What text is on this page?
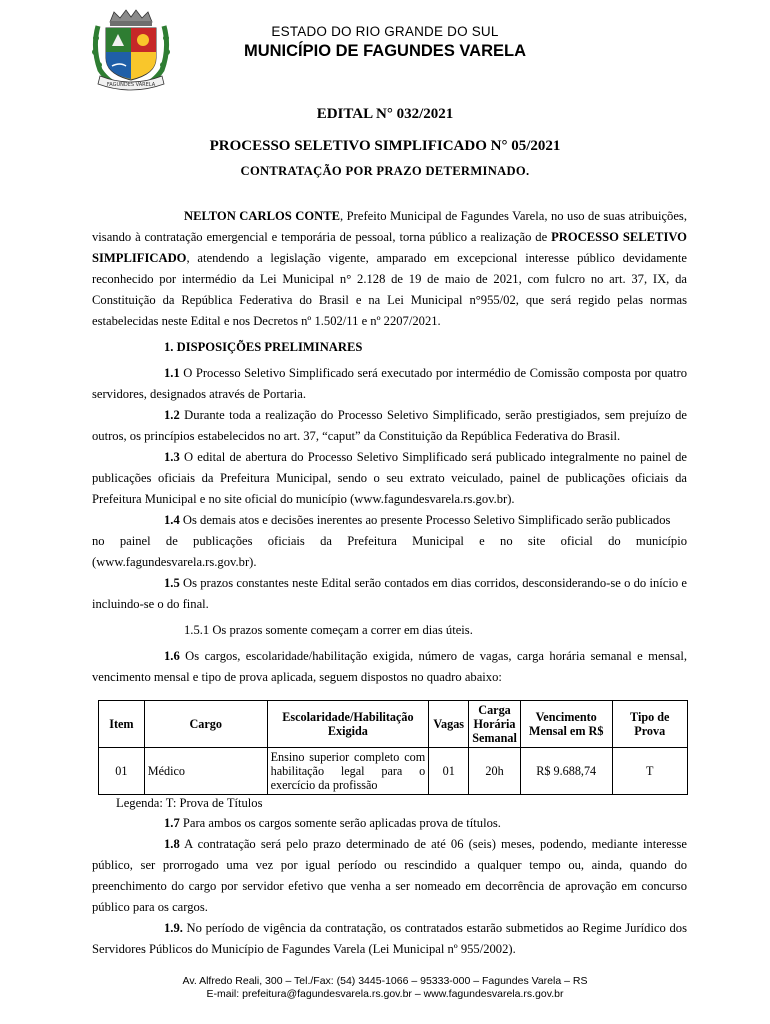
FAGUNDES VARELA
ESTADO DO RIO GRANDE DO SUL
MUNICÍPIO DE FAGUNDES VARELA
EDITAL N° 032/2021
PROCESSO SELETIVO SIMPLIFICADO N° 05/2021
CONTRATAÇÃO POR PRAZO DETERMINADO.

NELTON CARLOS CONTE, Prefeito Municipal de Fagundes Varela, no uso de suas atribuições, visando à contratação emergencial e temporária de pessoal, torna público a realização de PROCESSO SELETIVO SIMPLIFICADO, atendendo a legislação vigente, amparado em excepcional interesse público devidamente reconhecido por intermédio da Lei Municipal n° 2.128 de 19 de maio de 2021, com fulcro no art. 37, IX, da Constituição da República Federativa do Brasil e na Lei Municipal n°955/02, que será regido pelas normas estabelecidas neste Edital e nos Decretos nº 1.502/11 e nº 2207/2021.

1. DISPOSIÇÕES PRELIMINARES

1.1 O Processo Seletivo Simplificado será executado por intermédio de Comissão composta por quatro servidores, designados através de Portaria.

1.2 Durante toda a realização do Processo Seletivo Simplificado, serão prestigiados, sem prejuízo de outros, os princípios estabelecidos no art. 37, “caput” da Constituição da República Federativa do Brasil.

1.3 O edital de abertura do Processo Seletivo Simplificado será publicado integralmente no painel de publicações oficiais da Prefeitura Municipal, sendo o seu extrato veiculado, painel de publicações oficiais da Prefeitura Municipal e no site oficial do município (www.fagundesvarela.rs.gov.br).

1.4 Os demais atos e decisões inerentes ao presente Processo Seletivo Simplificado serão publicados

no painel de publicações oficiais da Prefeitura Municipal e no site oficial do município

(www.fagundesvarela.rs.gov.br).

1.5 Os prazos constantes neste Edital serão contados em dias corridos, desconsiderando-se o do início e incluindo-se o do final.

1.5.1 Os prazos somente começam a correr em dias úteis.

1.6 Os cargos, escolaridade/habilitação exigida, número de vagas, carga horária semanal e mensal, vencimento mensal e tipo de prova aplicada, seguem dispostos no quadro abaixo:

Item	Cargo	Escolaridade/Habilitação Exigida	Vagas	Carga Horária Semanal	Vencimento Mensal em R$	Tipo de Prova
01	Médico	Ensino superior completo com habilitação legal para o exercício da profissão	01	20h	R$ 9.688,74	T

Legenda: T: Prova de Títulos

1.7 Para ambos os cargos somente serão aplicadas prova de títulos.

1.8 A contratação será pelo prazo determinado de até 06 (seis) meses, podendo, mediante interesse público, ser prorrogado uma vez por igual período ou rescindido a qualquer tempo ou, ainda, quando do preenchimento do cargo por servidor efetivo que venha a ser nomeado em decorrência de aprovação em concurso público para os cargos.

1.9. No período de vigência da contratação, os contratados estarão submetidos ao Regime Jurídico dos Servidores Públicos do Município de Fagundes Varela (Lei Municipal nº 955/2002).

Av. Alfredo Reali, 300 – Tel./Fax: (54) 3445-1066 – 95333-000 – Fagundes Varela – RS
E-mail: prefeitura@fagundesvarela.rs.gov.br – www.fagundesvarela.rs.gov.br
